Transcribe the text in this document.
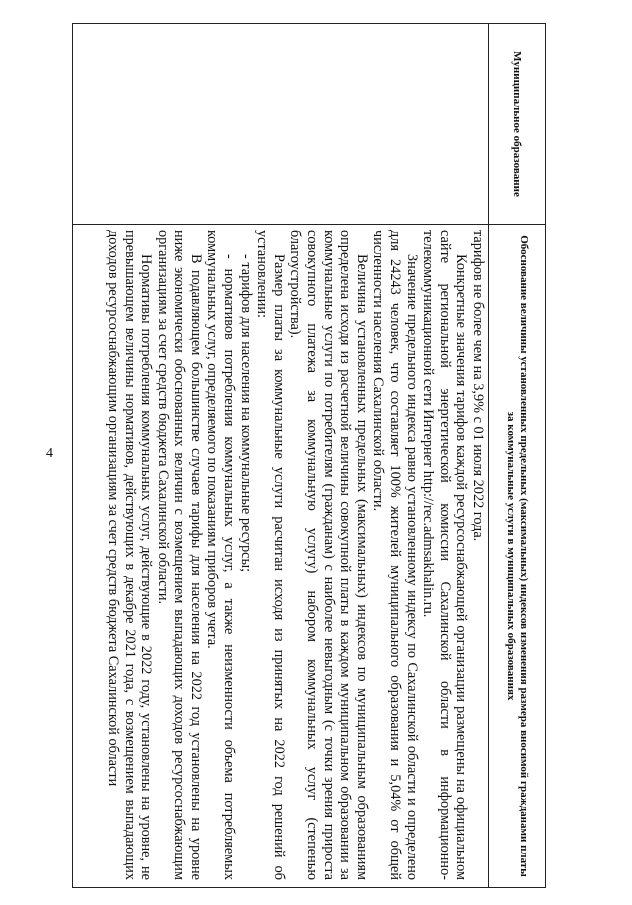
4
Муниципальное образование
Обоснование величины установленных предельных (максимальных) индексов изменения размера вносимой гражданами платы за коммунальные услуги в муниципальных образованиях

тарифов не более чем на 3,9% с 01 июля 2022 года.

Конкретные значения тарифов каждой ресурсоснабжающей организации размещены на официальном сайте региональной энергетической комиссии Сахалинской области в информационно-телекоммуникационной сети Интернет http://rec.admsakhalin.ru.

Значение предельного индекса равно установленному индексу по Сахалинской области и определено для 24243 человек, что составляет 100% жителей муниципального образования и 5,04% от общей численности населения Сахалинской области.

Величина установленных предельных (максимальных) индексов по муниципальным образованиям определена исходя из расчетной величины совокупной платы в каждом муниципальном образовании за коммунальные услуги по потребителям (гражданам) с наиболее невыгодным (с точки зрения прироста совокупного платежа за коммунальную услугу) набором коммунальных услуг (степенью благоустройства).

Размер платы за коммунальные услуги расчитан исходя из принятых на 2022 год решений об установлении:

- тарифов для населения на коммунальные ресурсы;

- нормативов потребления коммунальных услуг, а также неизменности объема потребляемых коммунальных услуг, определяемого по показаниям приборов учета.

В подавляющем большинстве случаев тарифы для населения на 2022 год установлены на уровне ниже экономически обоснованных величин с возмещением выпадающих доходов ресурсоснабжающим организациям за счет средств бюджета Сахалинской области.

Нормативы потребления коммунальных услуг, действующие в 2022 году, установлены на уровне, не превышающем величины нормативов, действующих в декабре 2021 года, с возмещением выпадающих доходов ресурсоснабжающим организациям за счет средств бюджета Сахалинской области
